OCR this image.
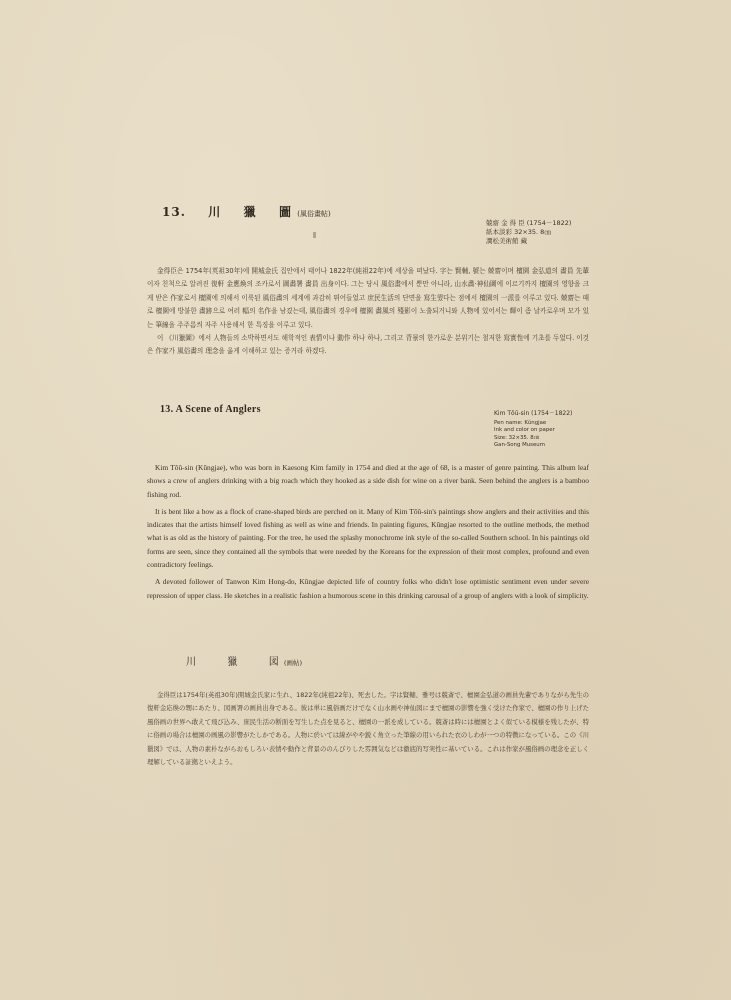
13. 川 獵 圖 (風俗畫帖)
兢齋 金 得 臣 (1754－1822)
紙本淡彩 32×35. 8㎝
澗松美術館 藏

金得臣은 1754年(英祖30年)에 開城金氏 집안에서 태어나 1822年(純祖22年)에 세상을 떠났다. 字는 賢輔, 號는 兢齋이며 檀園 金弘道의 畵員 先輩이자 친척으로 알려진 復軒 金應煥의 조카로서 圖畵署 畵員 出身이다. 그는 당시 風俗畫에서 뿐만 아니라, 山水畵·神仙圖에 이르기까지 檀園의 영향을 크게 받은 作家로서 檀園에 의해서 이룩된 風俗畵의 세계에 과감히 뛰어들었고 庶民生活의 단면을 寫生했다는 점에서 檀園의 一派를 이루고 있다. 兢齋는 때로 檀園에 방불한 畵跡으로 여러 幅의 名作을 남겼는데, 風俗畵의 경우에 檀園 畵風의 殘影이 노출되거니와 人物에 있어서는 輝이 좀 날카로우며 모가 있는 筆線을 주주름씌 자주 사용해서 한 특징을 이루고 있다.

이 《川獵圖》에서 人物들의 소박하면서도 해학적인 表情이나 動作 하나 하나, 그리고 背景의 한가로운 분위기는 철저한 寫實性에 기초를 두었다. 이것은 作家가 風俗畵의 理念을 옳게 이해하고 있는 증거라 하겠다.

13. A Scene of Anglers	Kim Tŏŭ-sin (1754－1822)
Pen name: Kŭngjae
Ink and color on paper
Size: 32×35. 8㎝
Gan-Song Museum

Kim Tŏŭ-sin (Kŭngjae), who was born in Kaesong Kim family in 1754 and died at the age of 68, is a master of genre painting. This album leaf shows a crew of anglers drinking with a big roach which they hooked as a side dish for wine on a river bank. Seen behind the anglers is a bamboo fishing rod.

It is bent like a bow as a flock of crane-shaped birds are perched on it. Many of Kim Tŏŭ-sin's paintings show anglers and their activities and this indicates that the artists himself loved fishing as well as wine and friends. In painting figures, Kŭngjae resorted to the outline methods, the method what is as old as the history of painting. For the tree, he used the splashy monochrome ink style of the so-called Southern school. In his paintings old forms are seen, since they contained all the symbols that were needed by the Koreans for the expression of their most complex, profound and even contradictory feelings.

A devoted follower of Tanwon Kim Hong-do, Kŭngjae depicted life of country folks who didn't lose optimistic sentiment even under severe repression of upper class. He sketches in a realistic fashion a humorous scene in this drinking carousal of a group of anglers with a look of simplicity.

川	獵	図 (画帖)

金得臣は1754年(英祖30年)開城金氏家に生れ、1822年(純祖22年)、死去した。字は賢輔、雅号は兢斎で、檀園金弘道の画員先輩でありながら先生の復軒金応煥の甥にあたり、図画署の画員出身である。彼は単に風俗画だけでなく山水画や神仙図にまで檀園の影響を強く受けた作家で、檀園の作り上げた風俗画の世界へ敢えて飛び込み、庶民生活の断面を写生した点を見ると、檀園の一派を成している。兢斎は時には檀園とよく似ている模様を残したが、特に俗画の場合は檀園の画風の影響がたしかである。人物に於いては線がやや鋭く角立った筆線の用いられた衣のしわが一つの特徴になっている。この《川獵図》では、人物の素朴ながらおもしろい表情や動作と背景ののんびりした雰囲気などは徹底的写実性に基いている。これは作家が風俗画の理念を正しく理解している証拠といえよう。
